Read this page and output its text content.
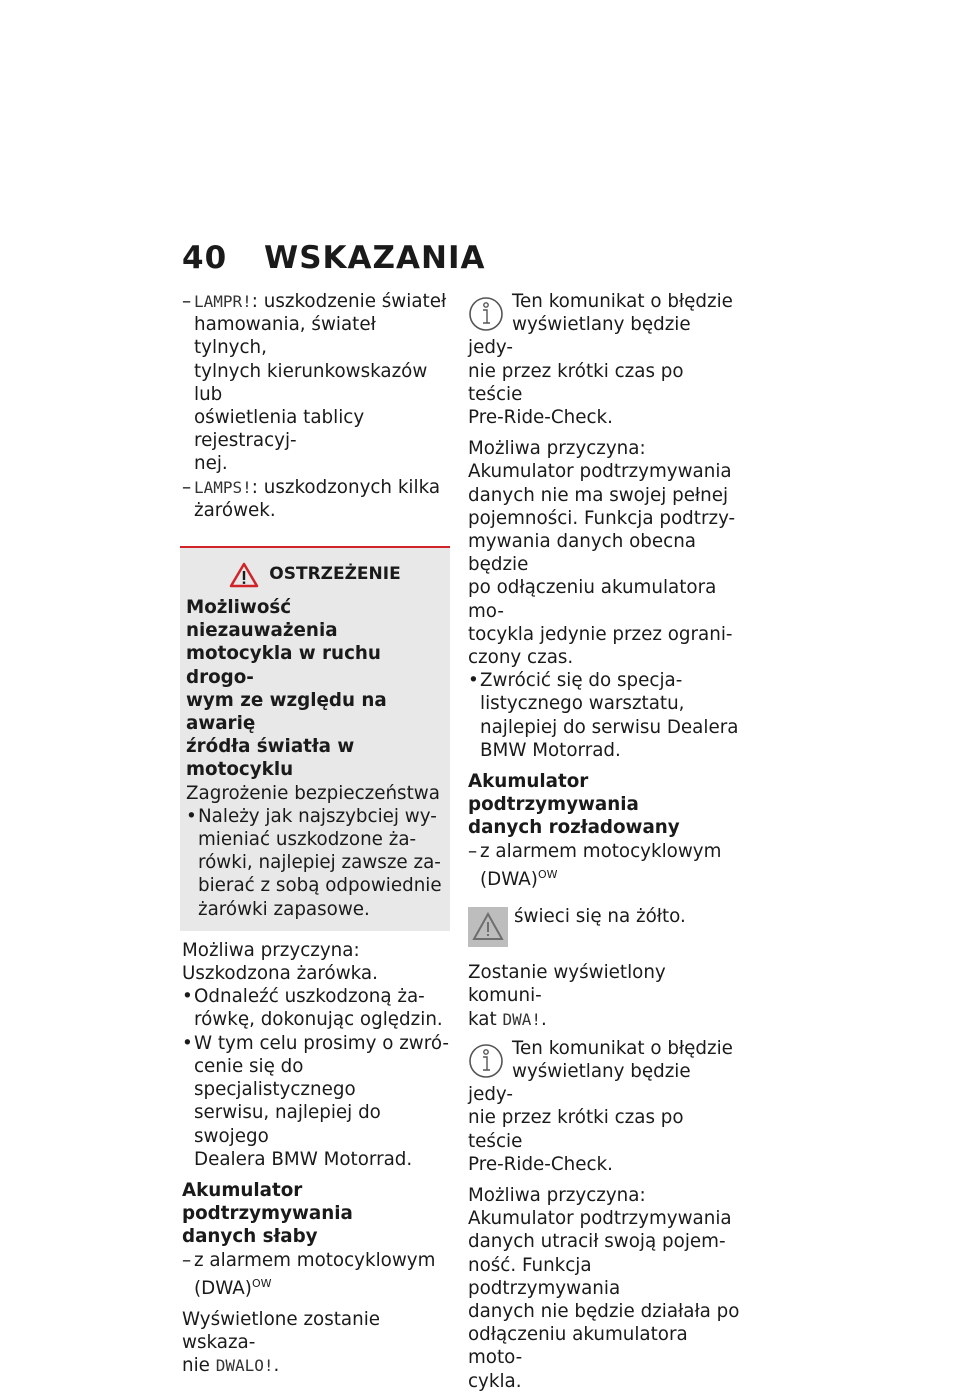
40	WSKAZANIA
– LAMPR!: uszkodzenie świateł
hamowania, świateł tylnych,
tylnych kierunkowskazów lub
oświetlenia tablicy rejestracyj-
nej.
– LAMPS!: uszkodzonych kilka
żarówek.
OSTRZEŻENIE
Możliwość niezauważenia
motocykla w ruchu drogo-
wym ze względu na awarię
źródła światła w motocyklu
Zagrożenie bezpieczeństwa
• Należy jak najszybciej wy-
mieniać uszkodzone ża-
rówki, najlepiej zawsze za-
bierać z sobą odpowiednie
żarówki zapasowe.
Możliwa przyczyna:
Uszkodzona żarówka.
• Odnaleźć uszkodzoną ża-
rówkę, dokonując oględzin.
• W tym celu prosimy o zwró-
cenie się do specjalistycznego
serwisu, najlepiej do swojego
Dealera BMW Motorrad.
Akumulator podtrzymywania
danych słaby
– z alarmem motocyklowym
(DWA)$^{OW}$
Wyświetlone zostanie wskaza-
nie DWALO!.
Ten komunikat o błędzie
wyświetlany będzie jedy-
nie przez krótki czas po teście
Pre-Ride-Check.
Możliwa przyczyna:
Akumulator podtrzymywania
danych nie ma swojej pełnej
pojemności. Funkcja podtrzy-
mywania danych obecna będzie
po odłączeniu akumulatora mo-
tocykla jedynie przez ograni-
czony czas.
• Zwrócić się do specja-
listycznego warsztatu,
najlepiej do serwisu Dealera
BMW Motorrad.
Akumulator podtrzymywania
danych rozładowany
– z alarmem motocyklowym
(DWA)$^{OW}$
świeci się na żółto.
Zostanie wyświetlony komuni-
kat DWA!.
Ten komunikat o błędzie
wyświetlany będzie jedy-
nie przez krótki czas po teście
Pre-Ride-Check.
Możliwa przyczyna:
Akumulator podtrzymywania
danych utracił swoją pojem-
ność. Funkcja podtrzymywania
danych nie będzie działała po
odłączeniu akumulatora moto-
cykla.
